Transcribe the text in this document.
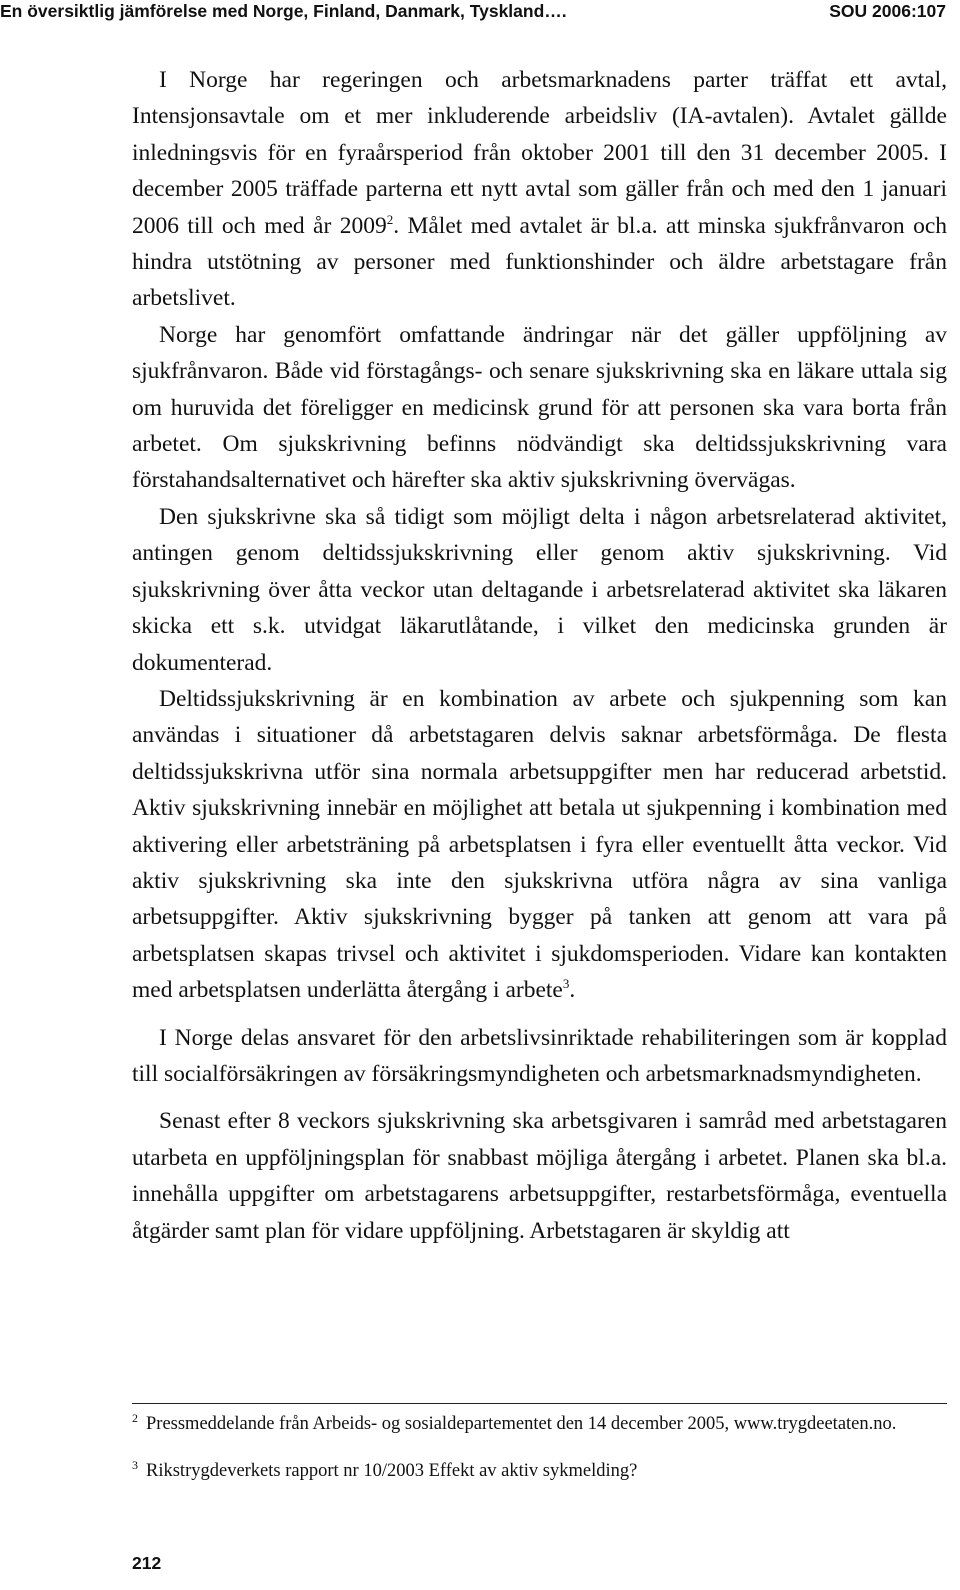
En översiktlig jämförelse med Norge, Finland, Danmark, Tyskland….	SOU 2006:107

I Norge har regeringen och arbetsmarknadens parter träffat ett avtal, Intensjonsavtale om et mer inkluderende arbeidsliv (IA-avtalen). Avtalet gällde inledningsvis för en fyraårsperiod från oktober 2001 till den 31 december 2005. I december 2005 träffade parterna ett nytt avtal som gäller från och med den 1 januari 2006 till och med år 2009$^2$. Målet med avtalet är bl.a. att minska sjukfrånvaron och hindra utstötning av personer med funktionshinder och äldre arbetstagare från arbetslivet.

Norge har genomfört omfattande ändringar när det gäller uppföljning av sjukfrånvaron. Både vid förstagångs- och senare sjukskrivning ska en läkare uttala sig om huruvida det föreligger en medicinsk grund för att personen ska vara borta från arbetet. Om sjukskrivning befinns nödvändigt ska deltidssjukskrivning vara förstahandsalternativet och härefter ska aktiv sjukskrivning övervägas.

Den sjukskrivne ska så tidigt som möjligt delta i någon arbetsrelaterad aktivitet, antingen genom deltidssjukskrivning eller genom aktiv sjukskrivning. Vid sjukskrivning över åtta veckor utan deltagande i arbetsrelaterad aktivitet ska läkaren skicka ett s.k. utvidgat läkarutlåtande, i vilket den medicinska grunden är dokumenterad.

Deltidssjukskrivning är en kombination av arbete och sjukpenning som kan användas i situationer då arbetstagaren delvis saknar arbetsförmåga. De flesta deltidssjukskrivna utför sina normala arbetsuppgifter men har reducerad arbetstid. Aktiv sjukskrivning innebär en möjlighet att betala ut sjukpenning i kombination med aktivering eller arbetsträning på arbetsplatsen i fyra eller eventuellt åtta veckor. Vid aktiv sjukskrivning ska inte den sjukskrivna utföra några av sina vanliga arbetsuppgifter. Aktiv sjukskrivning bygger på tanken att genom att vara på arbetsplatsen skapas trivsel och aktivitet i sjukdomsperioden. Vidare kan kontakten med arbetsplatsen underlätta återgång i arbete$^3$.

I Norge delas ansvaret för den arbetslivsinriktade rehabiliteringen som är kopplad till socialförsäkringen av försäkringsmyndigheten och arbetsmarknadsmyndigheten.

Senast efter 8 veckors sjukskrivning ska arbetsgivaren i samråd med arbetstagaren utarbeta en uppföljningsplan för snabbast möjliga återgång i arbetet. Planen ska bl.a. innehålla uppgifter om arbetstagarens arbetsuppgifter, restarbetsförmåga, eventuella åtgärder samt plan för vidare uppföljning. Arbetstagaren är skyldig att

$^2$ Pressmeddelande från Arbeids- og sosialdepartementet den 14 december 2005, www.trygdeetaten.no.
$^3$ Rikstrygdeverkets rapport nr 10/2003 Effekt av aktiv sykmelding?
212
